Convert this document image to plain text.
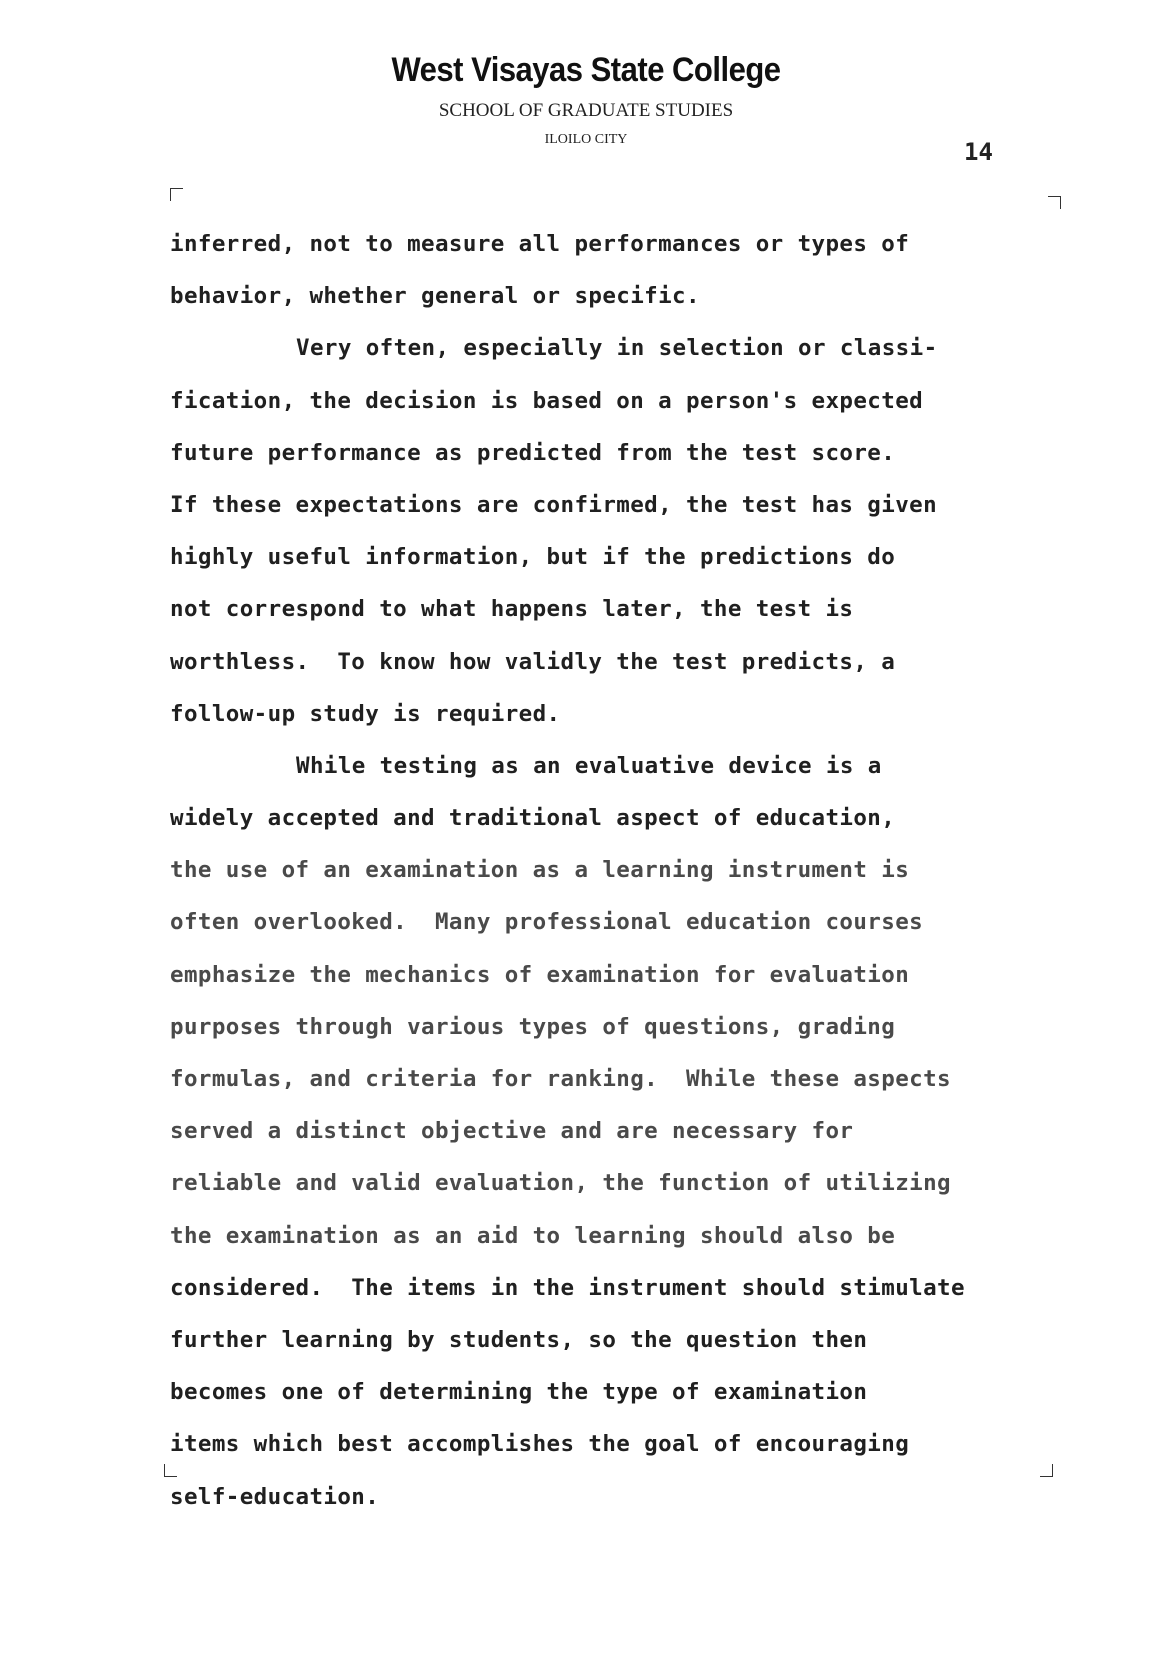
West Visayas State College
SCHOOL OF GRADUATE STUDIES
ILOILO CITY	14
inferred, not to measure all performances or types of
behavior, whether general or specific.
Very often, especially in selection or classi-
fication, the decision is based on a person's expected
future performance as predicted from the test score.
If these expectations are confirmed, the test has given
highly useful information, but if the predictions do
not correspond to what happens later, the test is
worthless.  To know how validly the test predicts, a
follow-up study is required.
While testing as an evaluative device is a
widely accepted and traditional aspect of education,
the use of an examination as a learning instrument is
often overlooked.  Many professional education courses
emphasize the mechanics of examination for evaluation
purposes through various types of questions, grading
formulas, and criteria for ranking.  While these aspects
served a distinct objective and are necessary for
reliable and valid evaluation, the function of utilizing
the examination as an aid to learning should also be
considered.  The items in the instrument should stimulate
further learning by students, so the question then
becomes one of determining the type of examination
items which best accomplishes the goal of encouraging
self-education.
